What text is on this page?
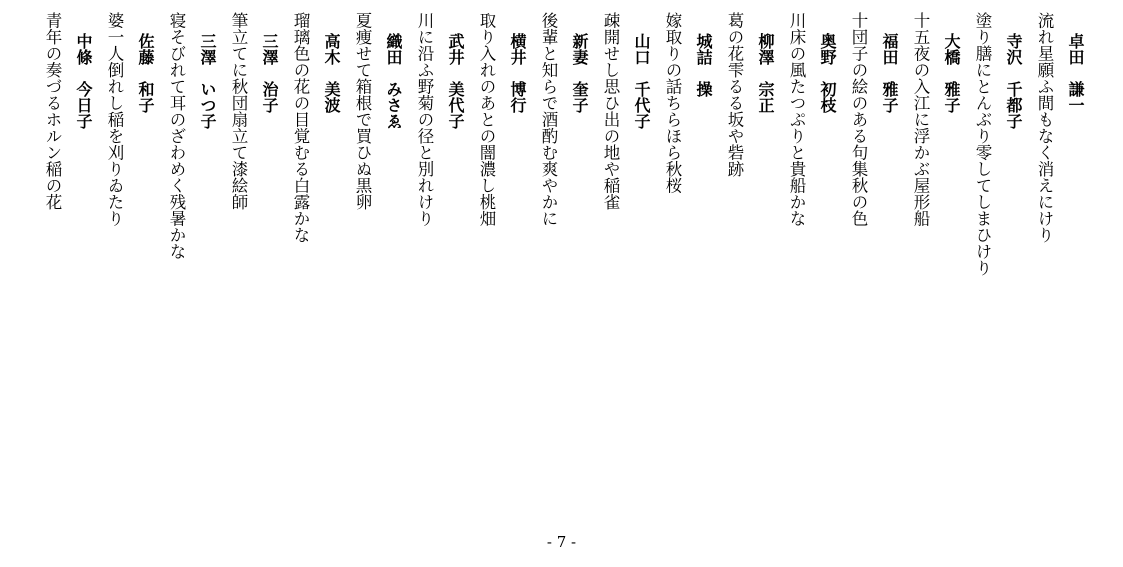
卓田謙一
流れ星願ふ間もなく消えにけり
寺沢千都子
塗り膳にとんぶり零してしまひけり
大橋雅子
十五夜の入江に浮かぶ屋形船
福田雅子
十団子の絵のある句集秋の色
奥野初枝
川床の風たつぷりと貴船かな
柳澤宗正
葛の花雫るる坂や砦跡
城詰操
嫁取りの話ちらほら秋桜
山口千代子
疎開せし思ひ出の地や稲雀
新妻奎子
後輩と知らで酒酌む爽やかに
横井博行
取り入れのあとの闇濃し桃畑
武井美代子
川に沿ふ野菊の径と別れけり
織田みさゑ
夏痩せて箱根で買ひぬ黒卵
高木美波
瑠璃色の花の目覚むる白露かな
三澤治子
筆立てに秋団扇立て漆絵師
三澤いつ子
寝そびれて耳のざわめく残暑かな
佐藤和子
婆一人倒れし稲を刈りゐたり
中條今日子
青年の奏づるホルン稲の花
- 7 -
